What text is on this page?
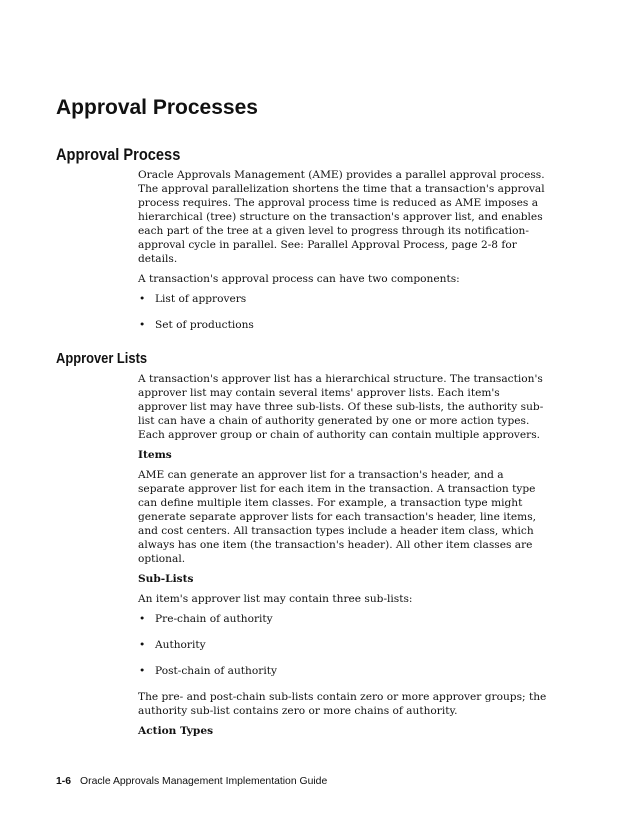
Approval Processes
Approval Process

Oracle Approvals Management (AME) provides a parallel approval process. The approval parallelization shortens the time that a transaction's approval process requires. The approval process time is reduced as AME imposes a hierarchical (tree) structure on the transaction's approver list, and enables each part of the tree at a given level to progress through its notification-approval cycle in parallel. See: Parallel Approval Process, page 2-8 for details.

A transaction's approval process can have two components:

• List of approvers
• Set of productions
Approver Lists

A transaction's approver list has a hierarchical structure. The transaction's approver list may contain several items' approver lists. Each item's approver list may have three sub-lists. Of these sub-lists, the authority sub-list can have a chain of authority generated by one or more action types. Each approver group or chain of authority can contain multiple approvers.

Items

AME can generate an approver list for a transaction's header, and a separate approver list for each item in the transaction. A transaction type can define multiple item classes. For example, a transaction type might generate separate approver lists for each transaction's header, line items, and cost centers. All transaction types include a header item class, which always has one item (the transaction's header). All other item classes are optional.

Sub-Lists

An item's approver list may contain three sub-lists:

• Pre-chain of authority
• Authority
• Post-chain of authority

The pre- and post-chain sub-lists contain zero or more approver groups; the authority sub-list contains zero or more chains of authority.

Action Types
1-6 Oracle Approvals Management Implementation Guide
